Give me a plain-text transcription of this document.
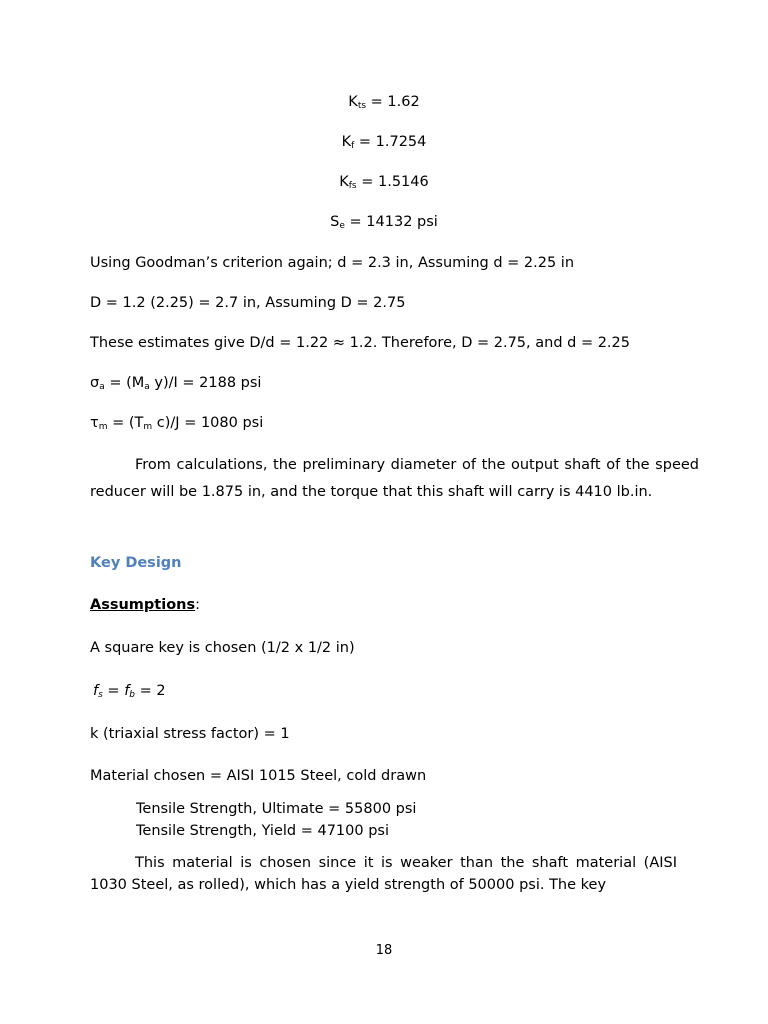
$K_{ts} = 1.62$
$K_f = 1.7254$
$K_{fs} = 1.5146$
$S_e = 14132$ psi
Using Goodman’s criterion again; d = 2.3 in, Assuming d = 2.25 in
D = 1.2 (2.25) = 2.7 in, Assuming D = 2.75
These estimates give D/d = 1.22 ≈ 1.2. Therefore, D = 2.75, and d = 2.25
$\sigma_a = (M_a$ y)/I = 2188 psi
$\tau_m = (T_m$ c)/J = 1080 psi
From calculations, the preliminary diameter of the output shaft of the speed reducer will be 1.875 in, and the torque that this shaft will carry is 4410 lb.in.
Key Design
Assumptions:
A square key is chosen (1/2 x 1/2 in)
$f_s = f_b = 2$
k (triaxial stress factor) = 1
Material chosen = AISI 1015 Steel, cold drawn
Tensile Strength, Ultimate = 55800 psi
Tensile Strength, Yield = 47100 psi
This material is chosen since it is weaker than the shaft material (AISI 1030 Steel, as rolled), which has a yield strength of 50000 psi. The key
18
